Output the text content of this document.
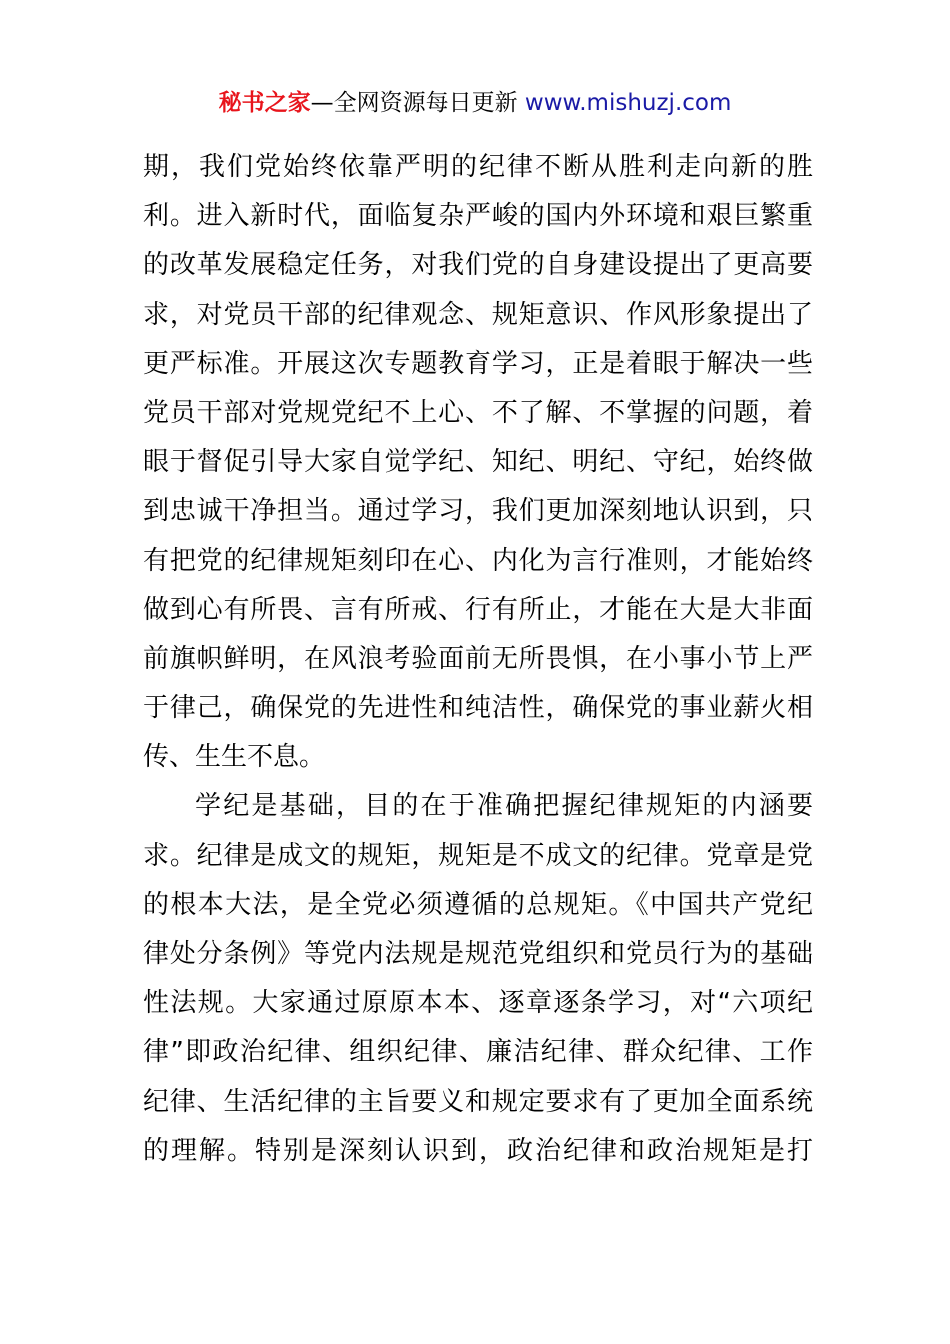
秘书之家—全网资源每日更新 www.mishuzj.com
期，我们党始终依靠严明的纪律不断从胜利走向新的胜
利。进入新时代，面临复杂严峻的国内外环境和艰巨繁重
的改革发展稳定任务，对我们党的自身建设提出了更高要
求，对党员干部的纪律观念、规矩意识、作风形象提出了
更严标准。开展这次专题教育学习，正是着眼于解决一些
党员干部对党规党纪不上心、不了解、不掌握的问题，着
眼于督促引导大家自觉学纪、知纪、明纪、守纪，始终做
到忠诚干净担当。通过学习，我们更加深刻地认识到，只
有把党的纪律规矩刻印在心、内化为言行准则，才能始终
做到心有所畏、言有所戒、行有所止，才能在大是大非面
前旗帜鲜明，在风浪考验面前无所畏惧，在小事小节上严
于律己，确保党的先进性和纯洁性，确保党的事业薪火相
传、生生不息。
学纪是基础，目的在于准确把握纪律规矩的内涵要
求。纪律是成文的规矩，规矩是不成文的纪律。党章是党
的根本大法，是全党必须遵循的总规矩。《中国共产党纪
律处分条例》等党内法规是规范党组织和党员行为的基础
性法规。大家通过原原本本、逐章逐条学习，对“六项纪
律”即政治纪律、组织纪律、廉洁纪律、群众纪律、工作
纪律、生活纪律的主旨要义和规定要求有了更加全面系统
的理解。特别是深刻认识到，政治纪律和政治规矩是打
